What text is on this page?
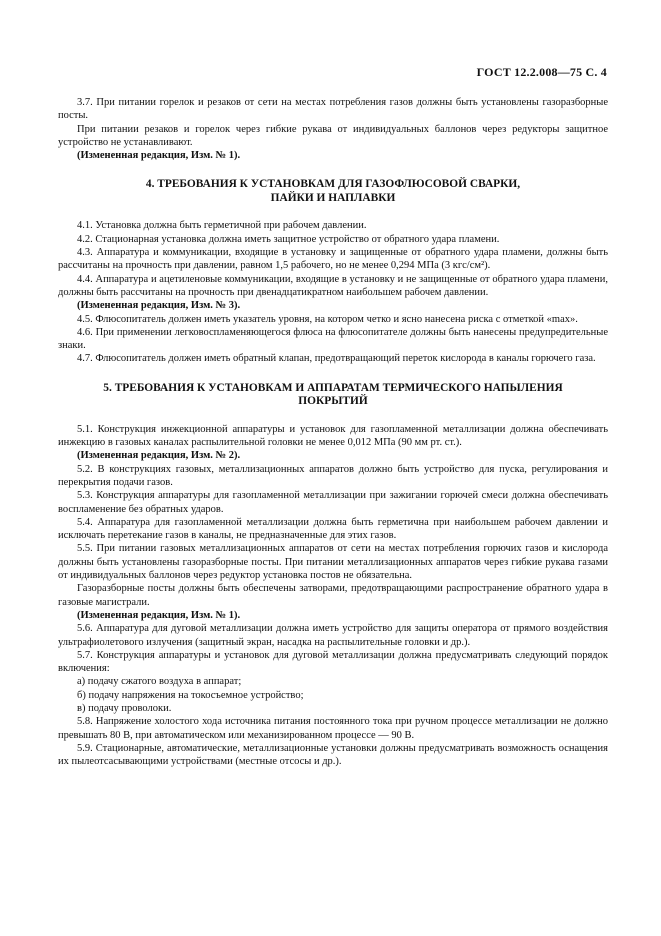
ГОСТ 12.2.008—75 С. 4

3.7. При питании горелок и резаков от сети на местах потребления газов должны быть установлены газоразборные посты.

При питании резаков и горелок через гибкие рукава от индивидуальных баллонов через редукторы защитное устройство не устанавливают.

(Измененная редакция, Изм. № 1).

4. ТРЕБОВАНИЯ К УСТАНОВКАМ ДЛЯ ГАЗОФЛЮСОВОЙ СВАРКИ,
ПАЙКИ И НАПЛАВКИ

4.1. Установка должна быть герметичной при рабочем давлении.

4.2. Стационарная установка должна иметь защитное устройство от обратного удара пламени.

4.3. Аппаратура и коммуникации, входящие в установку и защищенные от обратного удара пламени, должны быть рассчитаны на прочность при давлении, равном 1,5 рабочего, но не менее 0,294 МПа (3 кгс/см²).

4.4. Аппаратура и ацетиленовые коммуникации, входящие в установку и не защищенные от обратного удара пламени, должны быть рассчитаны на прочность при двенадцатикратном наибольшем рабочем давлении.

(Измененная редакция, Изм. № 3).

4.5. Флюсопитатель должен иметь указатель уровня, на котором четко и ясно нанесена риска с отметкой «max».

4.6. При применении легковоспламеняющегося флюса на флюсопитателе должны быть нанесены предупредительные знаки.

4.7. Флюсопитатель должен иметь обратный клапан, предотвращающий переток кислорода в каналы горючего газа.

5. ТРЕБОВАНИЯ К УСТАНОВКАМ И АППАРАТАМ ТЕРМИЧЕСКОГО НАПЫЛЕНИЯ
ПОКРЫТИЙ

5.1. Конструкция инжекционной аппаратуры и установок для газопламенной металлизации должна обеспечивать инжекцию в газовых каналах распылительной головки не менее 0,012 МПа (90 мм рт. ст.).

(Измененная редакция, Изм. № 2).

5.2. В конструкциях газовых, металлизационных аппаратов должно быть устройство для пуска, регулирования и перекрытия подачи газов.

5.3. Конструкция аппаратуры для газопламенной металлизации при зажигании горючей смеси должна обеспечивать воспламенение без обратных ударов.

5.4. Аппаратура для газопламенной металлизации должна быть герметична при наибольшем рабочем давлении и исключать перетекание газов в каналы, не предназначенные для этих газов.

5.5. При питании газовых металлизационных аппаратов от сети на местах потребления горючих газов и кислорода должны быть установлены газоразборные посты. При питании металлизационных аппаратов через гибкие рукава газами от индивидуальных баллонов через редуктор установка постов не обязательна.

Газоразборные посты должны быть обеспечены затворами, предотвращающими распространение обратного удара в газовые магистрали.

(Измененная редакция, Изм. № 1).

5.6. Аппаратура для дуговой металлизации должна иметь устройство для защиты оператора от прямого воздействия ультрафиолетового излучения (защитный экран, насадка на распылительные головки и др.).

5.7. Конструкция аппаратуры и установок для дуговой металлизации должна предусматривать следующий порядок включения:

а) подачу сжатого воздуха в аппарат;

б) подачу напряжения на токосъемное устройство;

в) подачу проволоки.

5.8. Напряжение холостого хода источника питания постоянного тока при ручном процессе металлизации не должно превышать 80 В, при автоматическом или механизированном процессе — 90 В.

5.9. Стационарные, автоматические, металлизационные установки должны предусматривать возможность оснащения их пылеотсасывающими устройствами (местные отсосы и др.).
